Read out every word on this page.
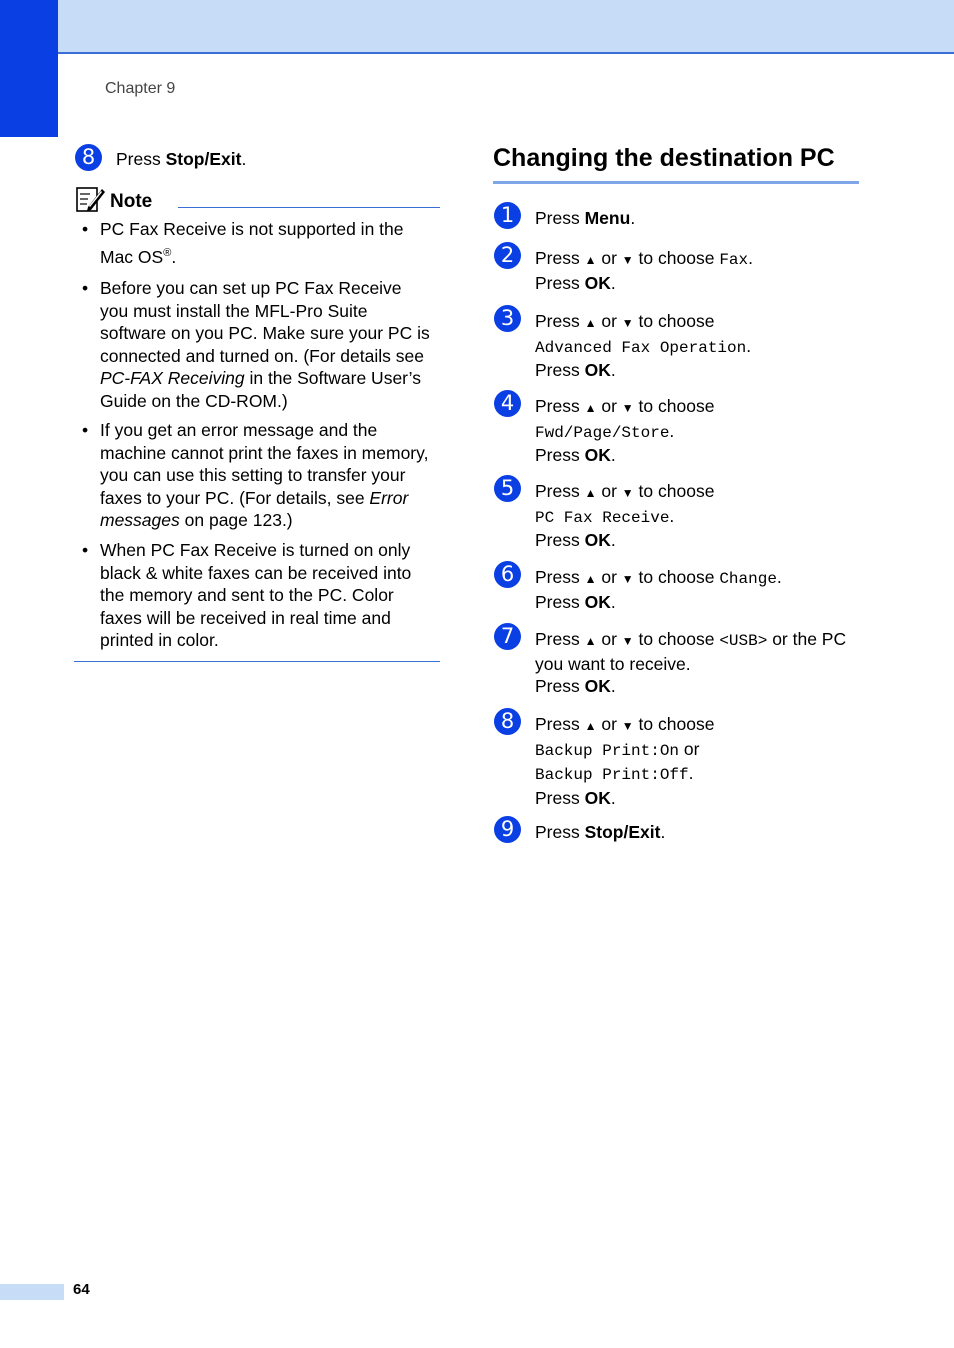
Chapter 9
8	Press Stop/Exit.
Note
• PC Fax Receive is not supported in the

Mac OS®.
• Before you can set up PC Fax Receive
you must install the MFL-Pro Suite
software on you PC. Make sure your PC is
connected and turned on. (For details see
PC-FAX Receiving in the Software User’s
Guide on the CD-ROM.)
• If you get an error message and the
machine cannot print the faxes in memory,
you can use this setting to transfer your
faxes to your PC. (For details, see Error
messages on page 123.)
• When PC Fax Receive is turned on only
black & white faxes can be received into
the memory and sent to the PC. Color
faxes will be received in real time and
printed in color.
Changing the destination PC
1	Press Menu.
2	Press ▲ or ▼ to choose Fax.
Press OK.
3	Press ▲ or ▼ to choose
Advanced Fax Operation.
Press OK.
4	Press ▲ or ▼ to choose
Fwd/Page/Store.
Press OK.
5	Press ▲ or ▼ to choose
PC Fax Receive.
Press OK.
6	Press ▲ or ▼ to choose Change.
Press OK.
7	Press ▲ or ▼ to choose <USB> or the PC
you want to receive.
Press OK.
8	Press ▲ or ▼ to choose
Backup Print:On or
Backup Print:Off.
Press OK.
9	Press Stop/Exit.
64
